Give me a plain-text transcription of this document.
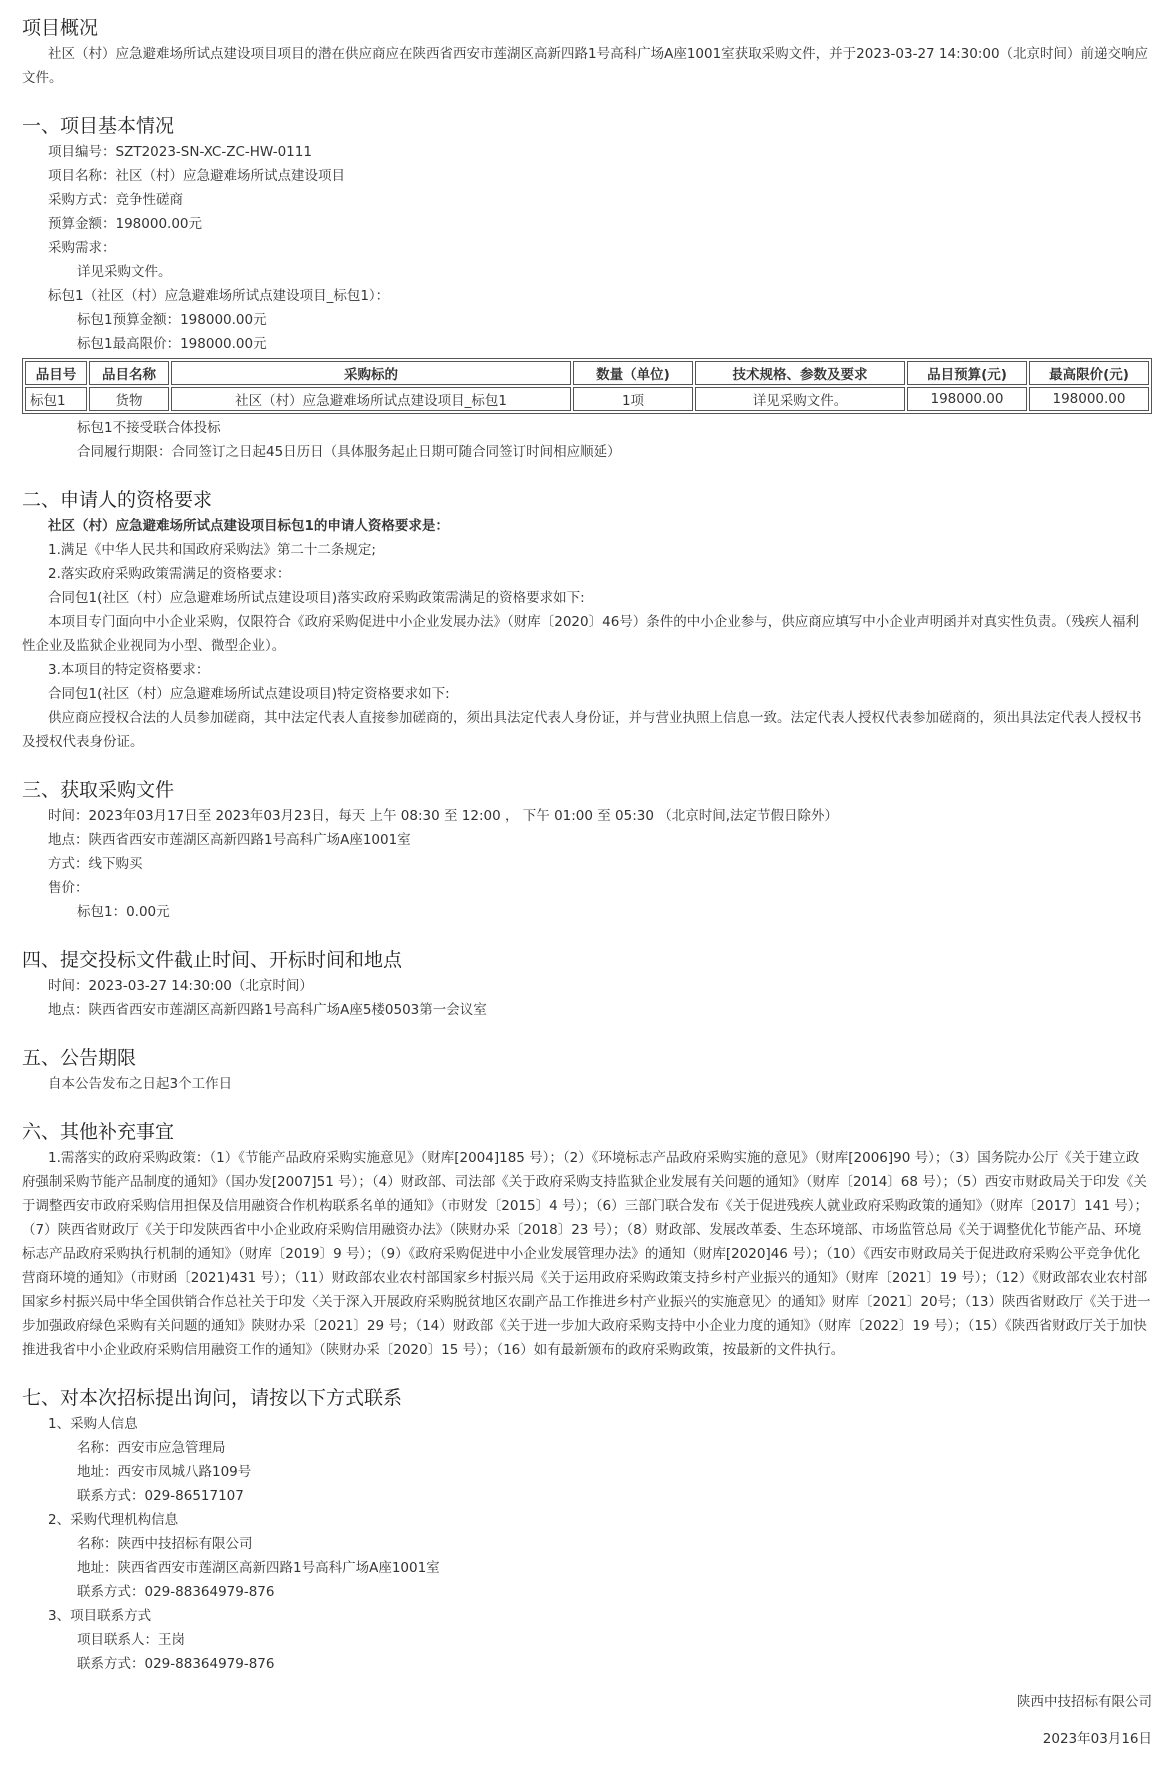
项目概况

社区（村）应急避难场所试点建设项目项目的潜在供应商应在陕西省西安市莲湖区高新四路1号高科广场A座1001室获取采购文件，并于2023-03-27 14:30:00（北京时间）前递交响应文件。

一、项目基本情况

项目编号：SZT2023-SN-XC-ZC-HW-0111

项目名称：社区（村）应急避难场所试点建设项目

采购方式：竞争性磋商

预算金额：198000.00元

采购需求：

详见采购文件。

标包1（社区（村）应急避难场所试点建设项目_标包1）：

标包1预算金额：198000.00元

标包1最高限价：198000.00元

品目号	品目名称	采购标的	数量（单位)	技术规格、参数及要求	品目预算(元)	最高限价(元)
标包1	货物	社区（村）应急避难场所试点建设项目_标包1	1项	详见采购文件。	198000.00	198000.00

标包1不接受联合体投标

合同履行期限：合同签订之日起45日历日（具体服务起止日期可随合同签订时间相应顺延）

二、申请人的资格要求

社区（村）应急避难场所试点建设项目标包1的申请人资格要求是：

1.满足《中华人民共和国政府采购法》第二十二条规定;

2.落实政府采购政策需满足的资格要求：

合同包1(社区（村）应急避难场所试点建设项目)落实政府采购政策需满足的资格要求如下:

本项目专门面向中小企业采购，仅限符合《政府采购促进中小企业发展办法》（财库〔2020〕46号）条件的中小企业参与，供应商应填写中小企业声明函并对真实性负责。（残疾人福利性企业及监狱企业视同为小型、微型企业）。

3.本项目的特定资格要求：

合同包1(社区（村）应急避难场所试点建设项目)特定资格要求如下:

供应商应授权合法的人员参加磋商，其中法定代表人直接参加磋商的，须出具法定代表人身份证，并与营业执照上信息一致。法定代表人授权代表参加磋商的，须出具法定代表人授权书及授权代表身份证。

三、获取采购文件

时间：2023年03月17日至 2023年03月23日，每天 上午 08:30 至 12:00 ， 下午 01:00 至 05:30 （北京时间,法定节假日除外）

地点：陕西省西安市莲湖区高新四路1号高科广场A座1001室

方式：线下购买

售价：

标包1：0.00元

四、提交投标文件截止时间、开标时间和地点

时间：2023-03-27 14:30:00（北京时间）

地点：陕西省西安市莲湖区高新四路1号高科广场A座5楼0503第一会议室

五、公告期限

自本公告发布之日起3个工作日

六、其他补充事宜

1.需落实的政府采购政策：（1）《节能产品政府采购实施意见》（财库[2004]185 号）；（2）《环境标志产品政府采购实施的意见》（财库[2006]90 号）；（3）国务院办公厅《关于建立政府强制采购节能产品制度的通知》（国办发[2007]51 号）；（4）财政部、司法部《关于政府采购支持监狱企业发展有关问题的通知》（财库〔2014〕68 号）；（5）西安市财政局关于印发《关于调整西安市政府采购信用担保及信用融资合作机构联系名单的通知》（市财发〔2015〕4 号）；（6）三部门联合发布《关于促进残疾人就业政府采购政策的通知》（财库〔2017〕141 号）；（7）陕西省财政厅《关于印发陕西省中小企业政府采购信用融资办法》（陕财办采〔2018〕23 号）；（8）财政部、发展改革委、生态环境部、市场监管总局《关于调整优化节能产品、环境标志产品政府采购执行机制的通知》（财库〔2019〕9 号）；（9）《政府采购促进中小企业发展管理办法》的通知（财库[2020]46 号）；（10）《西安市财政局关于促进政府采购公平竞争优化营商环境的通知》（市财函〔2021)431 号）；（11）财政部农业农村部国家乡村振兴局《关于运用政府采购政策支持乡村产业振兴的通知》（财库〔2021〕19 号）；（12）《财政部农业农村部国家乡村振兴局中华全国供销合作总社关于印发〈关于深入开展政府采购脱贫地区农副产品工作推进乡村产业振兴的实施意见〉的通知》财库〔2021〕20号；（13）陕西省财政厅《关于进一步加强政府绿色采购有关问题的通知》陕财办采〔2021〕29 号；（14）财政部《关于进一步加大政府采购支持中小企业力度的通知》（财库〔2022〕19 号）；（15）《陕西省财政厅关于加快推进我省中小企业政府采购信用融资工作的通知》（陕财办采〔2020〕15 号）；（16）如有最新颁布的政府采购政策，按最新的文件执行。

七、对本次招标提出询问，请按以下方式联系

1、采购人信息

名称：西安市应急管理局

地址：西安市凤城八路109号

联系方式：029-86517107

2、采购代理机构信息

名称：陕西中技招标有限公司

地址：陕西省西安市莲湖区高新四路1号高科广场A座1001室

联系方式：029-88364979-876

3、项目联系方式

项目联系人：王岗

联系方式：029-88364979-876

陕西中技招标有限公司

2023年03月16日
